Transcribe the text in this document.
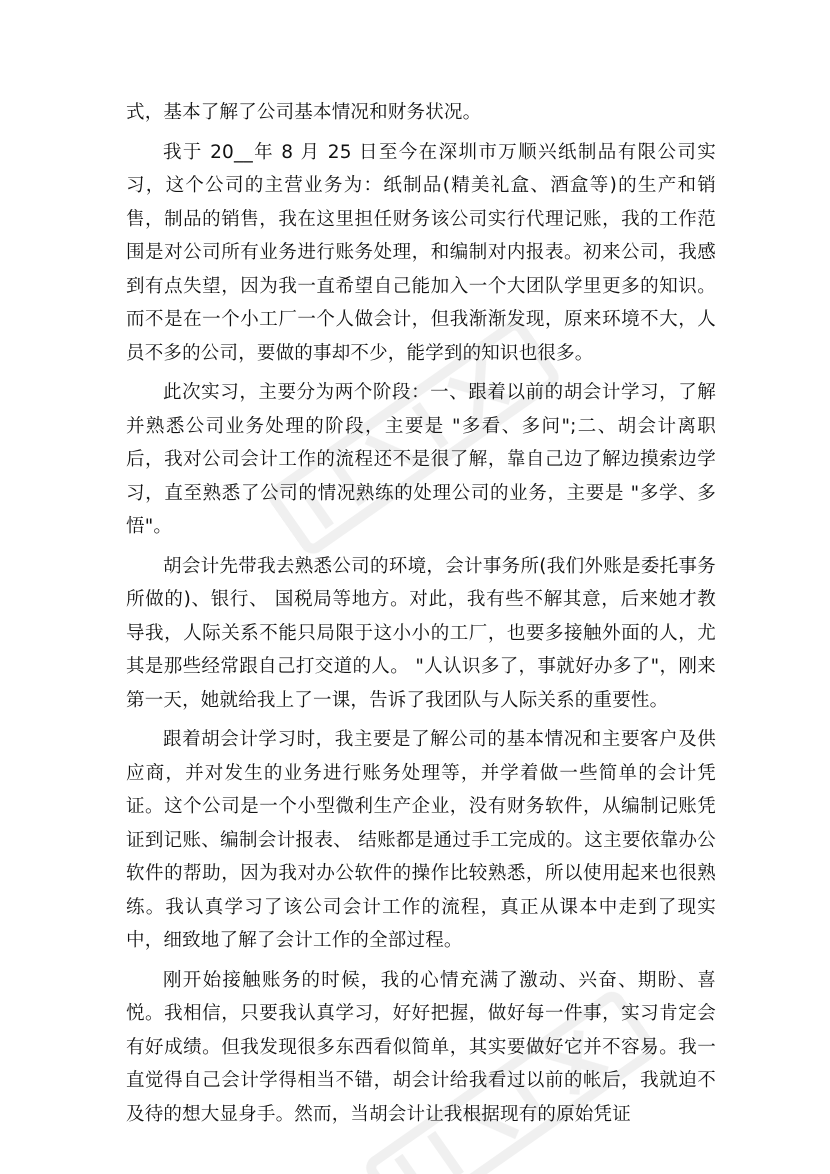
式，基本了解了公司基本情况和财务状况。

我于 20__年 8 月 25 日至今在深圳市万顺兴纸制品有限公司实习，这个公司的主营业务为：纸制品(精美礼盒、酒盒等)的生产和销售，制品的销售，我在这里担任财务该公司实行代理记账，我的工作范围是对公司所有业务进行账务处理，和编制对内报表。初来公司，我感到有点失望，因为我一直希望自己能加入一个大团队学里更多的知识。而不是在一个小工厂一个人做会计，但我渐渐发现，原来环境不大，人员不多的公司，要做的事却不少，能学到的知识也很多。

此次实习，主要分为两个阶段：一、跟着以前的胡会计学习，了解并熟悉公司业务处理的阶段，主要是 "多看、多问";二、胡会计离职后，我对公司会计工作的流程还不是很了解，靠自己边了解边摸索边学习，直至熟悉了公司的情况熟练的处理公司的业务，主要是 "多学、多悟"。

胡会计先带我去熟悉公司的环境，会计事务所(我们外账是委托事务所做的)、银行、 国税局等地方。对此，我有些不解其意，后来她才教导我，人际关系不能只局限于这小小的工厂，也要多接触外面的人，尤其是那些经常跟自己打交道的人。 "人认识多了，事就好办多了"，刚来第一天，她就给我上了一课，告诉了我团队与人际关系的重要性。

跟着胡会计学习时，我主要是了解公司的基本情况和主要客户及供应商，并对发生的业务进行账务处理等，并学着做一些简单的会计凭证。这个公司是一个小型微利生产企业，没有财务软件，从编制记账凭证到记账、编制会计报表、 结账都是通过手工完成的。这主要依靠办公软件的帮助，因为我对办公软件的操作比较熟悉，所以使用起来也很熟练。我认真学习了该公司会计工作的流程，真正从课本中走到了现实中，细致地了解了会计工作的全部过程。

刚开始接触账务的时候，我的心情充满了激动、兴奋、期盼、喜悦。我相信，只要我认真学习，好好把握，做好每一件事，实习肯定会有好成绩。但我发现很多东西看似简单，其实要做好它并不容易。我一直觉得自己会计学得相当不错，胡会计给我看过以前的帐后，我就迫不及待的想大显身手。然而，当胡会计让我根据现有的原始凭证
